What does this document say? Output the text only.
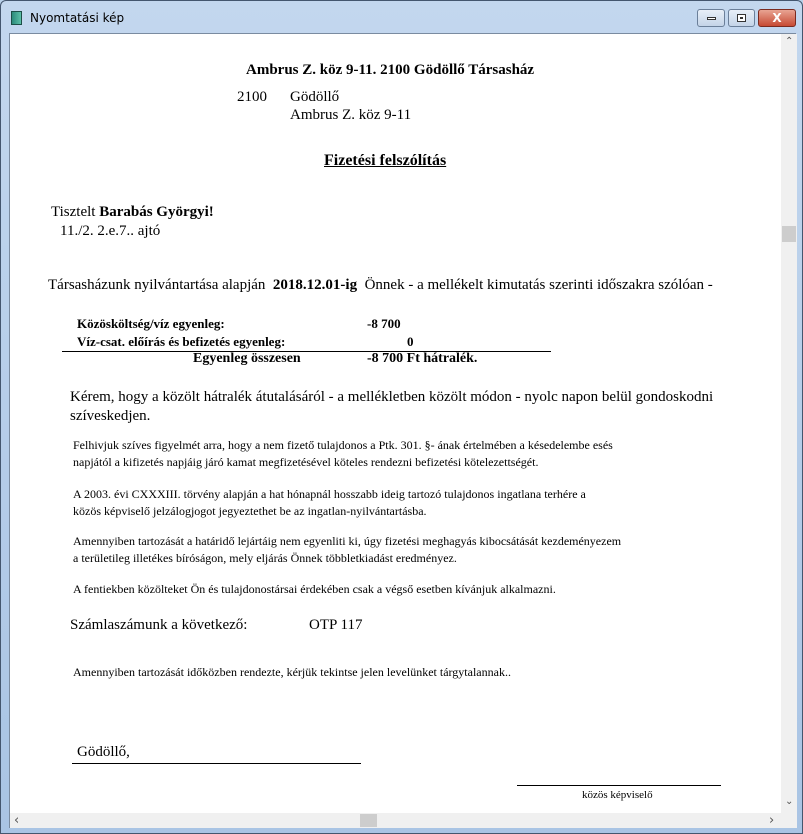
Nyomtatási kép	X
Ambrus Z. köz 9-11. 2100 Gödöllő Társasház
2100 Gödöllő
Ambrus Z. köz 9-11
Fizetési felszólítás
Tisztelt Barabás Györgyi!
11./2. 2.e.7.. ajtó
Társasházunk nyilvántartása alapján 2018.12.01-ig Önnek - a mellékelt kimutatás szerinti időszakra szólóan -
Közösköltség/víz egyenleg:	-8 700
Víz-csat. előírás és befizetés egyenleg:	0
Egyenleg összesen	-8 700 Ft hátralék.
Kérem, hogy a közölt hátralék átutalásáról - a mellékletben közölt módon - nyolc napon belül gondoskodni
szíveskedjen.
Felhivjuk szíves figyelmét arra, hogy a nem fizető tulajdonos a Ptk. 301. §- ának értelmében a késedelembe esés
napjától a kifizetés napjáig járó kamat megfizetésével köteles rendezni befizetési kötelezettségét.
A 2003. évi CXXXIII. törvény alapján a hat hónapnál hosszabb ideig tartozó tulajdonos ingatlana terhére a
közös képviselő jelzálogjogot jegyeztethet be az ingatlan-nyilvántartásba.
Amennyiben tartozását a határidő lejártáig nem egyenliti ki, úgy fizetési meghagyás kibocsátását kezdeményezem
a területileg illetékes bíróságon, mely eljárás Önnek többletkiadást eredményez.
A fentiekben közölteket Ön és tulajdonostársai érdekében csak a végső esetben kívánjuk alkalmazni.
Számlaszámunk a következő:	OTP 117
Amennyiben tartozását időközben rendezte, kérjük tekintse jelen levelünket tárgytalannak..
Gödöllő,
közös képviselő
⌃
⌄
‹	›
